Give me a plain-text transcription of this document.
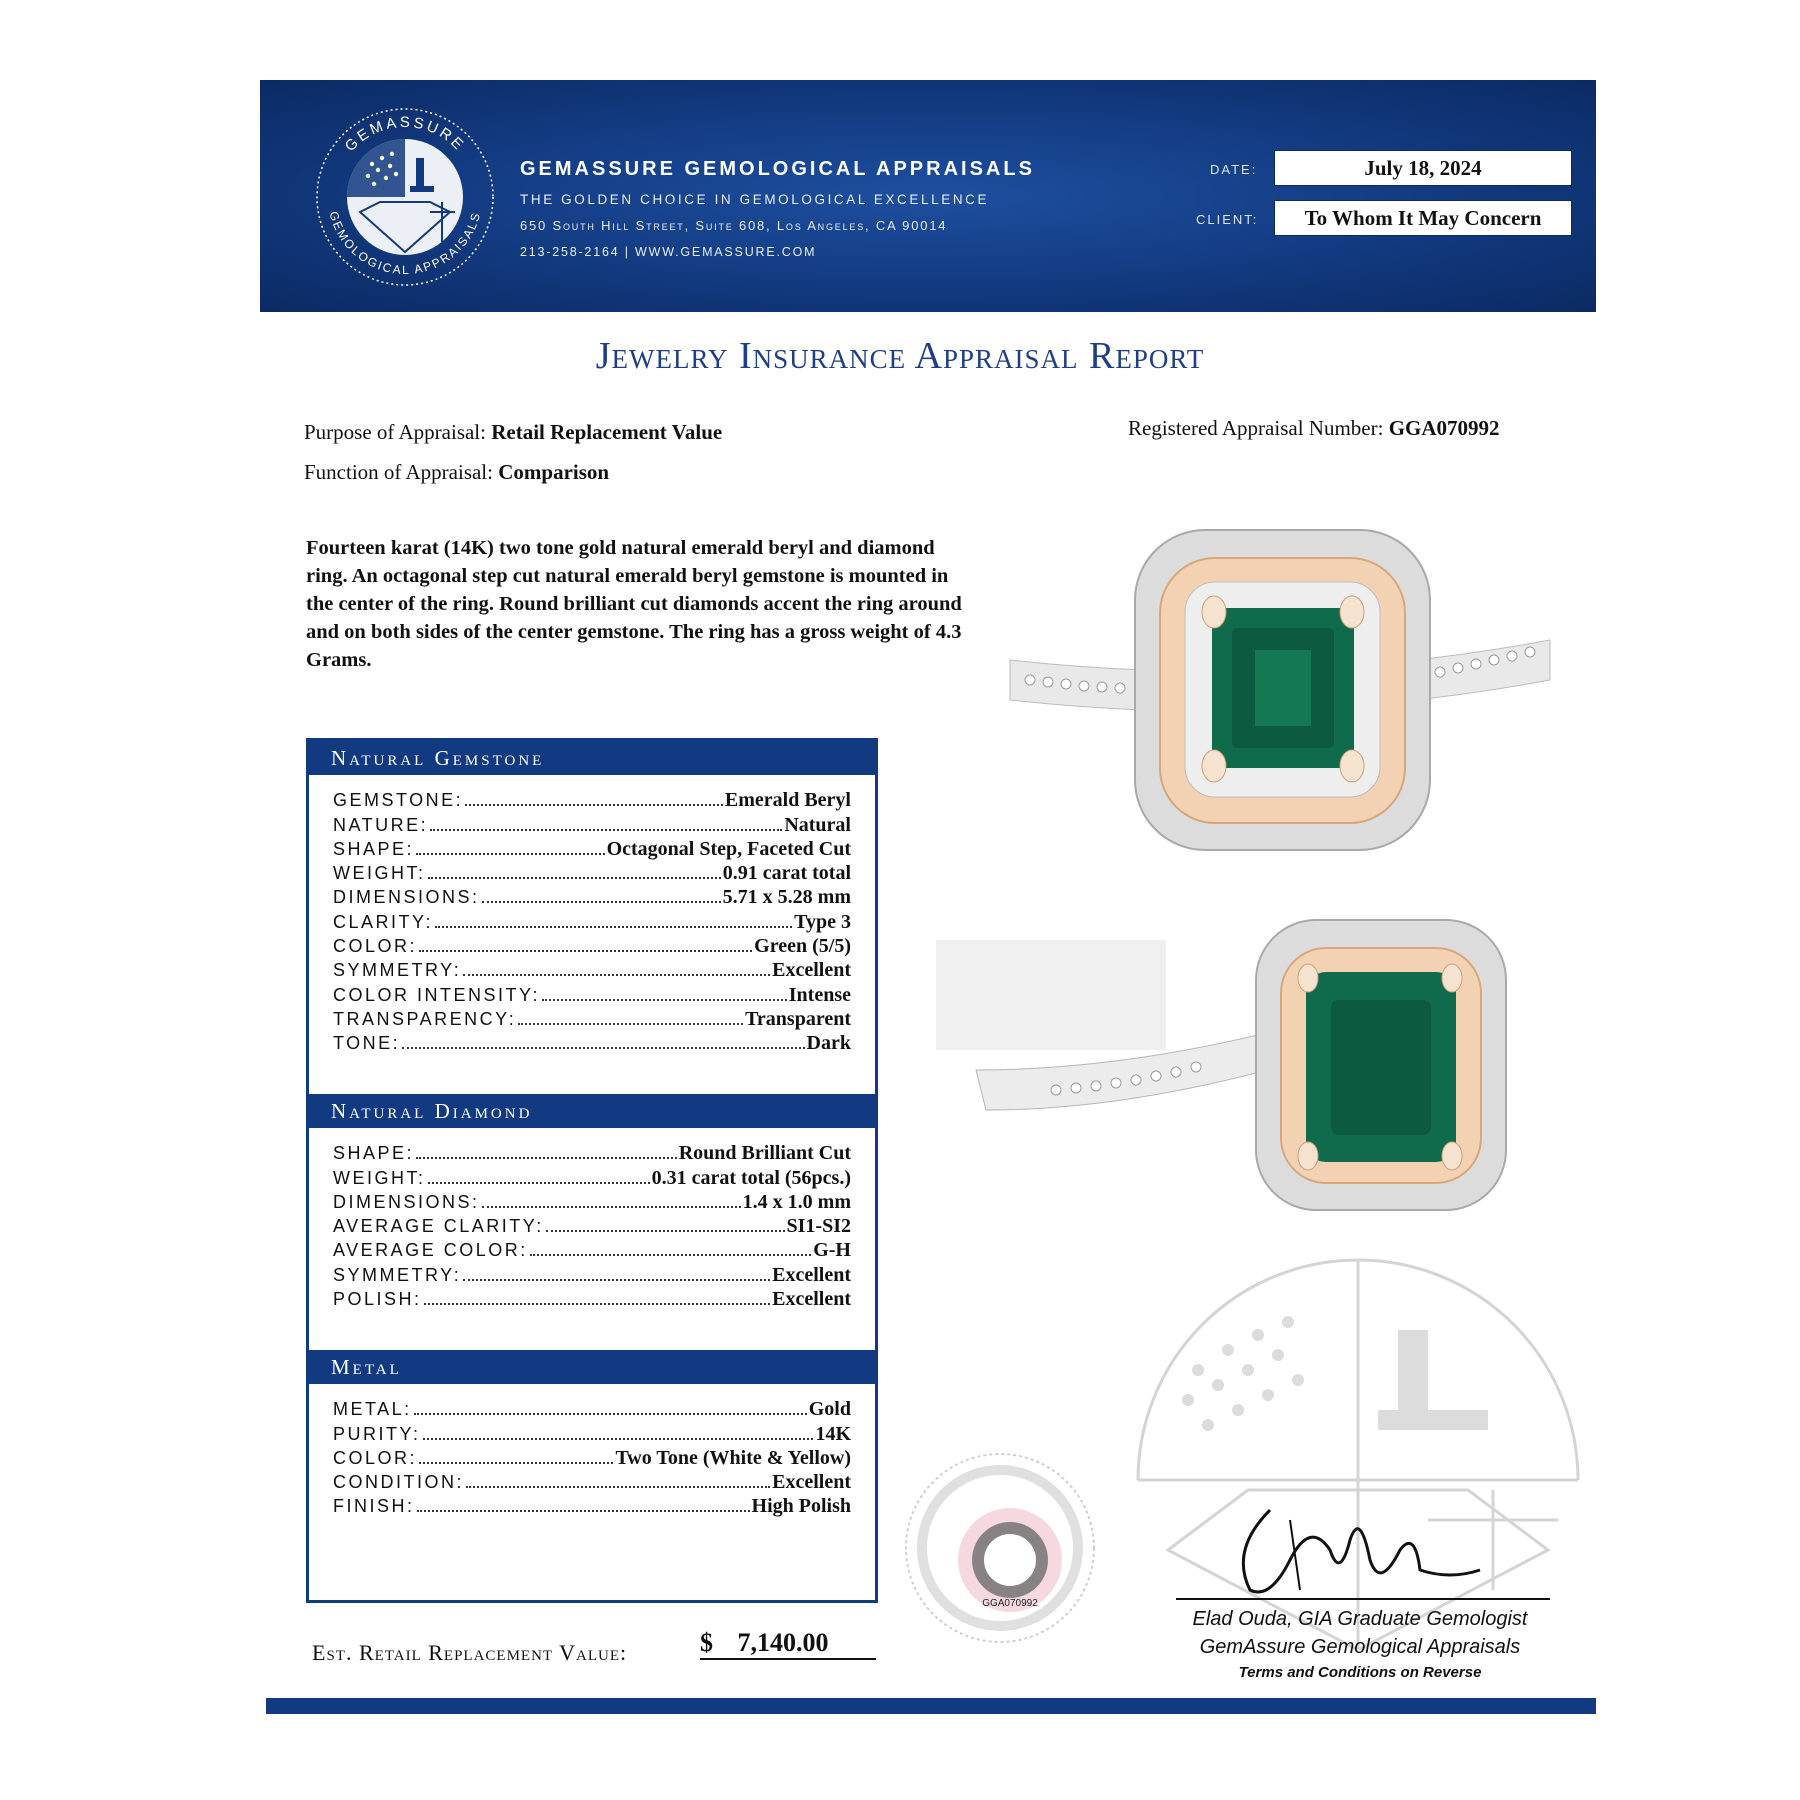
GEMASSURE
GEMOLOGICAL APPRAISALS
GEMASSURE GEMOLOGICAL APPRAISALS
THE GOLDEN CHOICE IN GEMOLOGICAL EXCELLENCE
650 South Hill Street, Suite 608, Los Angeles, CA 90014
213-258-2164 | WWW.GEMASSURE.COM
DATE:	July 18, 2024
CLIENT:	To Whom It May Concern
Jewelry Insurance Appraisal Report
Purpose of Appraisal: Retail Replacement Value
Function of Appraisal: Comparison
Registered Appraisal Number: GGA070992
Fourteen karat (14K) two tone gold natural emerald beryl and diamond ring. An octagonal step cut natural emerald beryl gemstone is mounted in the center of the ring. Round brilliant cut diamonds accent the ring around and on both sides of the center gemstone. The ring has a gross weight of 4.3 Grams.
GGA070992
Elad Ouda, GIA Graduate Gemologist
GemAssure Gemological Appraisals
Terms and Conditions on Reverse
Natural Gemstone
GEMSTONE:	Emerald Beryl
NATURE:	Natural
SHAPE:	Octagonal Step, Faceted Cut
WEIGHT:	0.91 carat total
DIMENSIONS:	5.71 x 5.28 mm
CLARITY:	Type 3
COLOR:	Green (5/5)
SYMMETRY:	Excellent
COLOR INTENSITY:	Intense
TRANSPARENCY:	Transparent
TONE:	Dark
Natural Diamond
SHAPE:	Round Brilliant Cut
WEIGHT:	0.31 carat total (56pcs.)
DIMENSIONS:	1.4 x 1.0 mm
AVERAGE CLARITY:	SI1-SI2
AVERAGE COLOR:	G-H
SYMMETRY:	Excellent
POLISH:	Excellent
Metal
METAL:	Gold
PURITY:	14K
COLOR:	Two Tone (White & Yellow)
CONDITION:	Excellent
FINISH:	High Polish
Est. Retail Replacement Value:	$ 7,140.00
